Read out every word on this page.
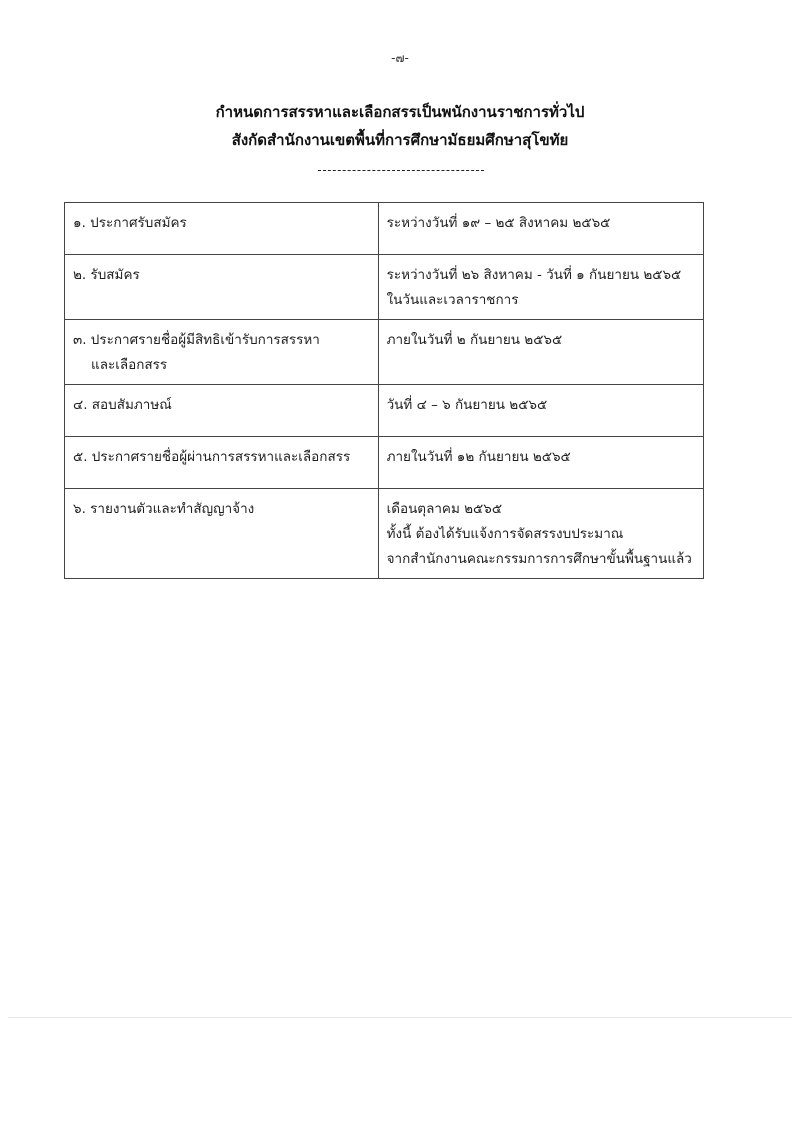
-๗-
กำหนดการสรรหาและเลือกสรรเป็นพนักงานราชการทั่วไป
สังกัดสำนักงานเขตพื้นที่การศึกษามัธยมศึกษาสุโขทัย
๑. ประกาศรับสมัคร	ระหว่างวันที่ ๑๙ – ๒๕ สิงหาคม ๒๕๖๕

๒. รับสมัคร	ระหว่างวันที่ ๒๖ สิงหาคม - วันที่ ๑ กันยายน ๒๕๖๕
ในวันและเวลาราชการ

๓. ประกาศรายชื่อผู้มีสิทธิเข้ารับการสรรหา
และเลือกสรร	ภายในวันที่ ๒ กันยายน ๒๕๖๕

๔. สอบสัมภาษณ์	วันที่ ๔ – ๖ กันยายน ๒๕๖๕

๕. ประกาศรายชื่อผู้ผ่านการสรรหาและเลือกสรร	ภายในวันที่ ๑๒ กันยายน ๒๕๖๕

๖. รายงานตัวและทำสัญญาจ้าง	เดือนตุลาคม ๒๕๖๕
ทั้งนี้ ต้องได้รับแจ้งการจัดสรรงบประมาณ
จากสำนักงานคณะกรรมการการศึกษาขั้นพื้นฐานแล้ว
